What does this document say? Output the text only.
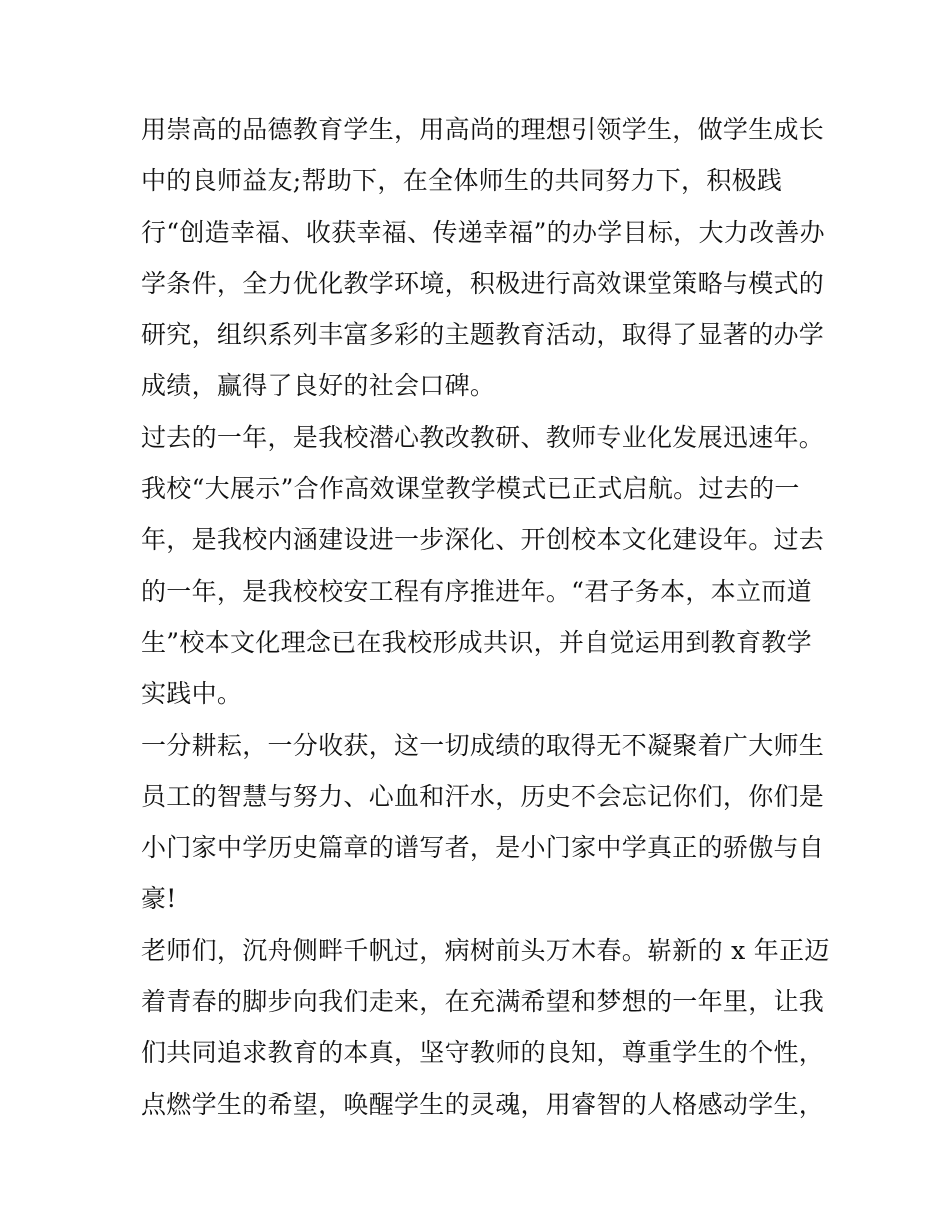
用崇高的品德教育学生，用高尚的理想引领学生，做学生成长
中的良师益友;帮助下，在全体师生的共同努力下，积极践
行“创造幸福、收获幸福、传递幸福”的办学目标，大力改善办
学条件，全力优化教学环境，积极进行高效课堂策略与模式的
研究，组织系列丰富多彩的主题教育活动，取得了显著的办学
成绩，赢得了良好的社会口碑。
过去的一年，是我校潜心教改教研、教师专业化发展迅速年。
我校“大展示”合作高效课堂教学模式已正式启航。过去的一
年，是我校内涵建设进一步深化、开创校本文化建设年。过去
的一年，是我校校安工程有序推进年。“君子务本，本立而道
生”校本文化理念已在我校形成共识，并自觉运用到教育教学
实践中。
一分耕耘，一分收获，这一切成绩的取得无不凝聚着广大师生
员工的智慧与努力、心血和汗水，历史不会忘记你们，你们是
小门家中学历史篇章的谱写者，是小门家中学真正的骄傲与自
豪!
老师们，沉舟侧畔千帆过，病树前头万木春。崭新的 x 年正迈
着青春的脚步向我们走来，在充满希望和梦想的一年里，让我
们共同追求教育的本真，坚守教师的良知，尊重学生的个性，
点燃学生的希望，唤醒学生的灵魂，用睿智的人格感动学生，
